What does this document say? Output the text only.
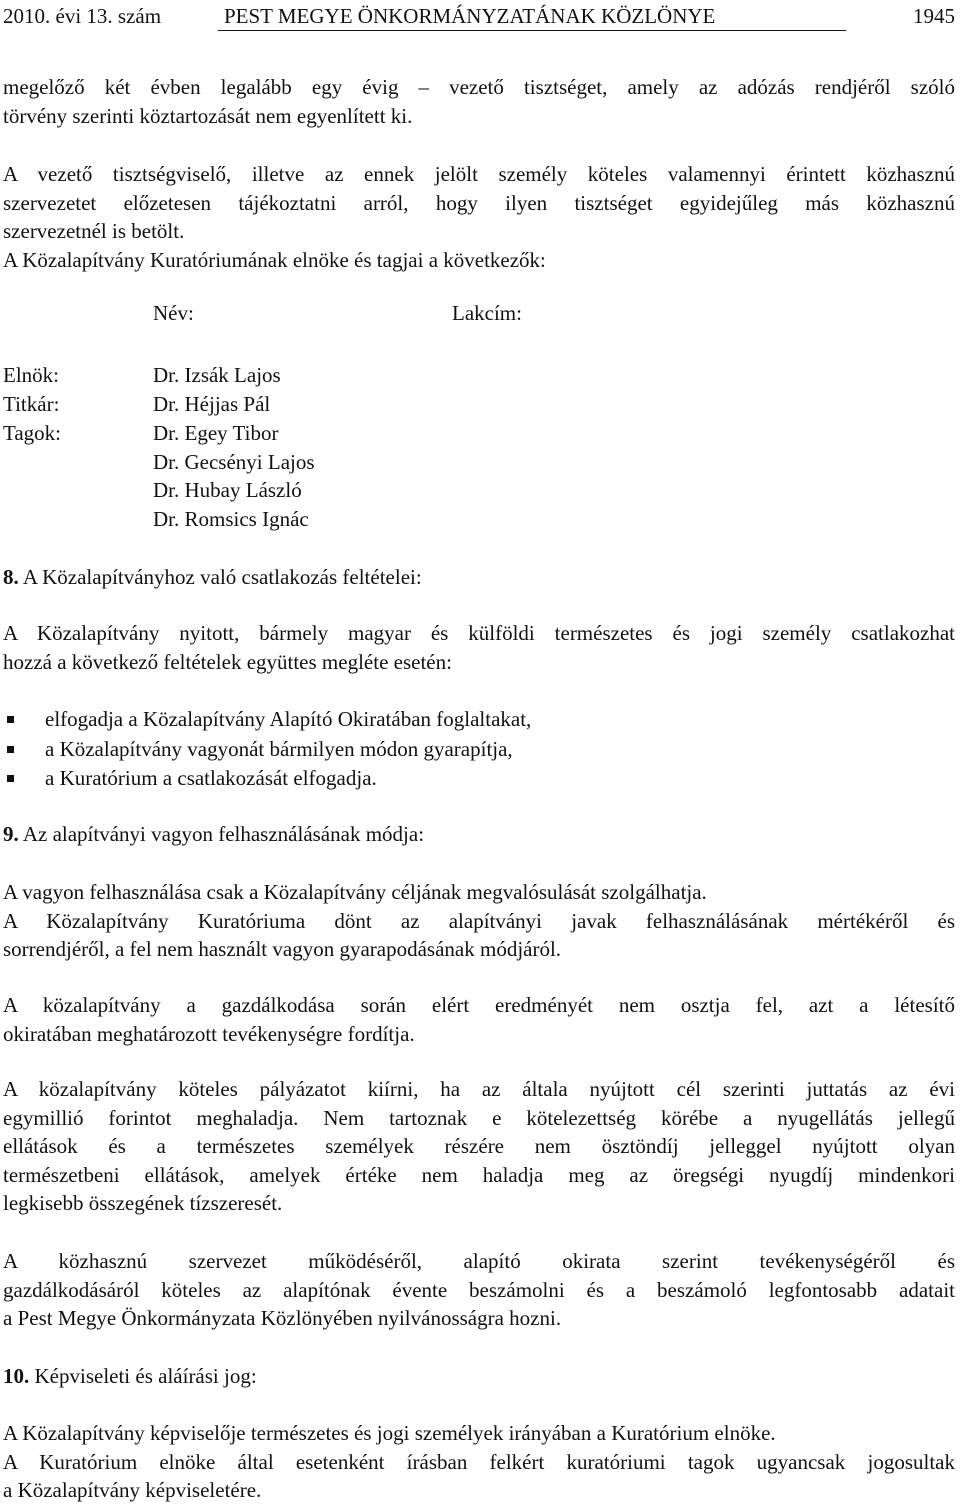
2010. évi 13. szám	PEST MEGYE ÖNKORMÁNYZATÁNAK KÖZLÖNYE	1945
megelőző két évben legalább egy évig – vezető tisztséget, amely az adózás rendjéről szóló
törvény szerinti köztartozását nem egyenlített ki.
A vezető tisztségviselő, illetve az ennek jelölt személy köteles valamennyi érintett közhasznú
szervezetet előzetesen tájékoztatni arról, hogy ilyen tisztséget egyidejűleg más közhasznú
szervezetnél is betölt.
A Közalapítvány Kuratóriumának elnöke és tagjai a következők:
Név:	Lakcím:
Elnök:	Dr. Izsák Lajos
Titkár:	Dr. Héjjas Pál
Tagok:	Dr. Egey Tibor
Dr. Gecsényi Lajos
Dr. Hubay László
Dr. Romsics Ignác
8. A Közalapítványhoz való csatlakozás feltételei:
A Közalapítvány nyitott, bármely magyar és külföldi természetes és jogi személy csatlakozhat
hozzá a következő feltételek együttes megléte esetén:
elfogadja a Közalapítvány Alapító Okiratában foglaltakat,
a Közalapítvány vagyonát bármilyen módon gyarapítja,
a Kuratórium a csatlakozását elfogadja.
9. Az alapítványi vagyon felhasználásának módja:
A vagyon felhasználása csak a Közalapítvány céljának megvalósulását szolgálhatja.
A Közalapítvány Kuratóriuma dönt az alapítványi javak felhasználásának mértékéről és
sorrendjéről, a fel nem használt vagyon gyarapodásának módjáról.
A közalapítvány a gazdálkodása során elért eredményét nem osztja fel, azt a létesítő
okiratában meghatározott tevékenységre fordítja.
A közalapítvány köteles pályázatot kiírni, ha az általa nyújtott cél szerinti juttatás az évi
egymillió forintot meghaladja. Nem tartoznak e kötelezettség körébe a nyugellátás jellegű
ellátások és a természetes személyek részére nem ösztöndíj jelleggel nyújtott olyan
természetbeni ellátások, amelyek értéke nem haladja meg az öregségi nyugdíj mindenkori
legkisebb összegének tízszeresét.
A közhasznú szervezet működéséről, alapító okirata szerint tevékenységéről és
gazdálkodásáról köteles az alapítónak évente beszámolni és a beszámoló legfontosabb adatait
a Pest Megye Önkormányzata Közlönyében nyilvánosságra hozni.
10. Képviseleti és aláírási jog:
A Közalapítvány képviselője természetes és jogi személyek irányában a Kuratórium elnöke.
A Kuratórium elnöke által esetenként írásban felkért kuratóriumi tagok ugyancsak jogosultak
a Közalapítvány képviseletére.
